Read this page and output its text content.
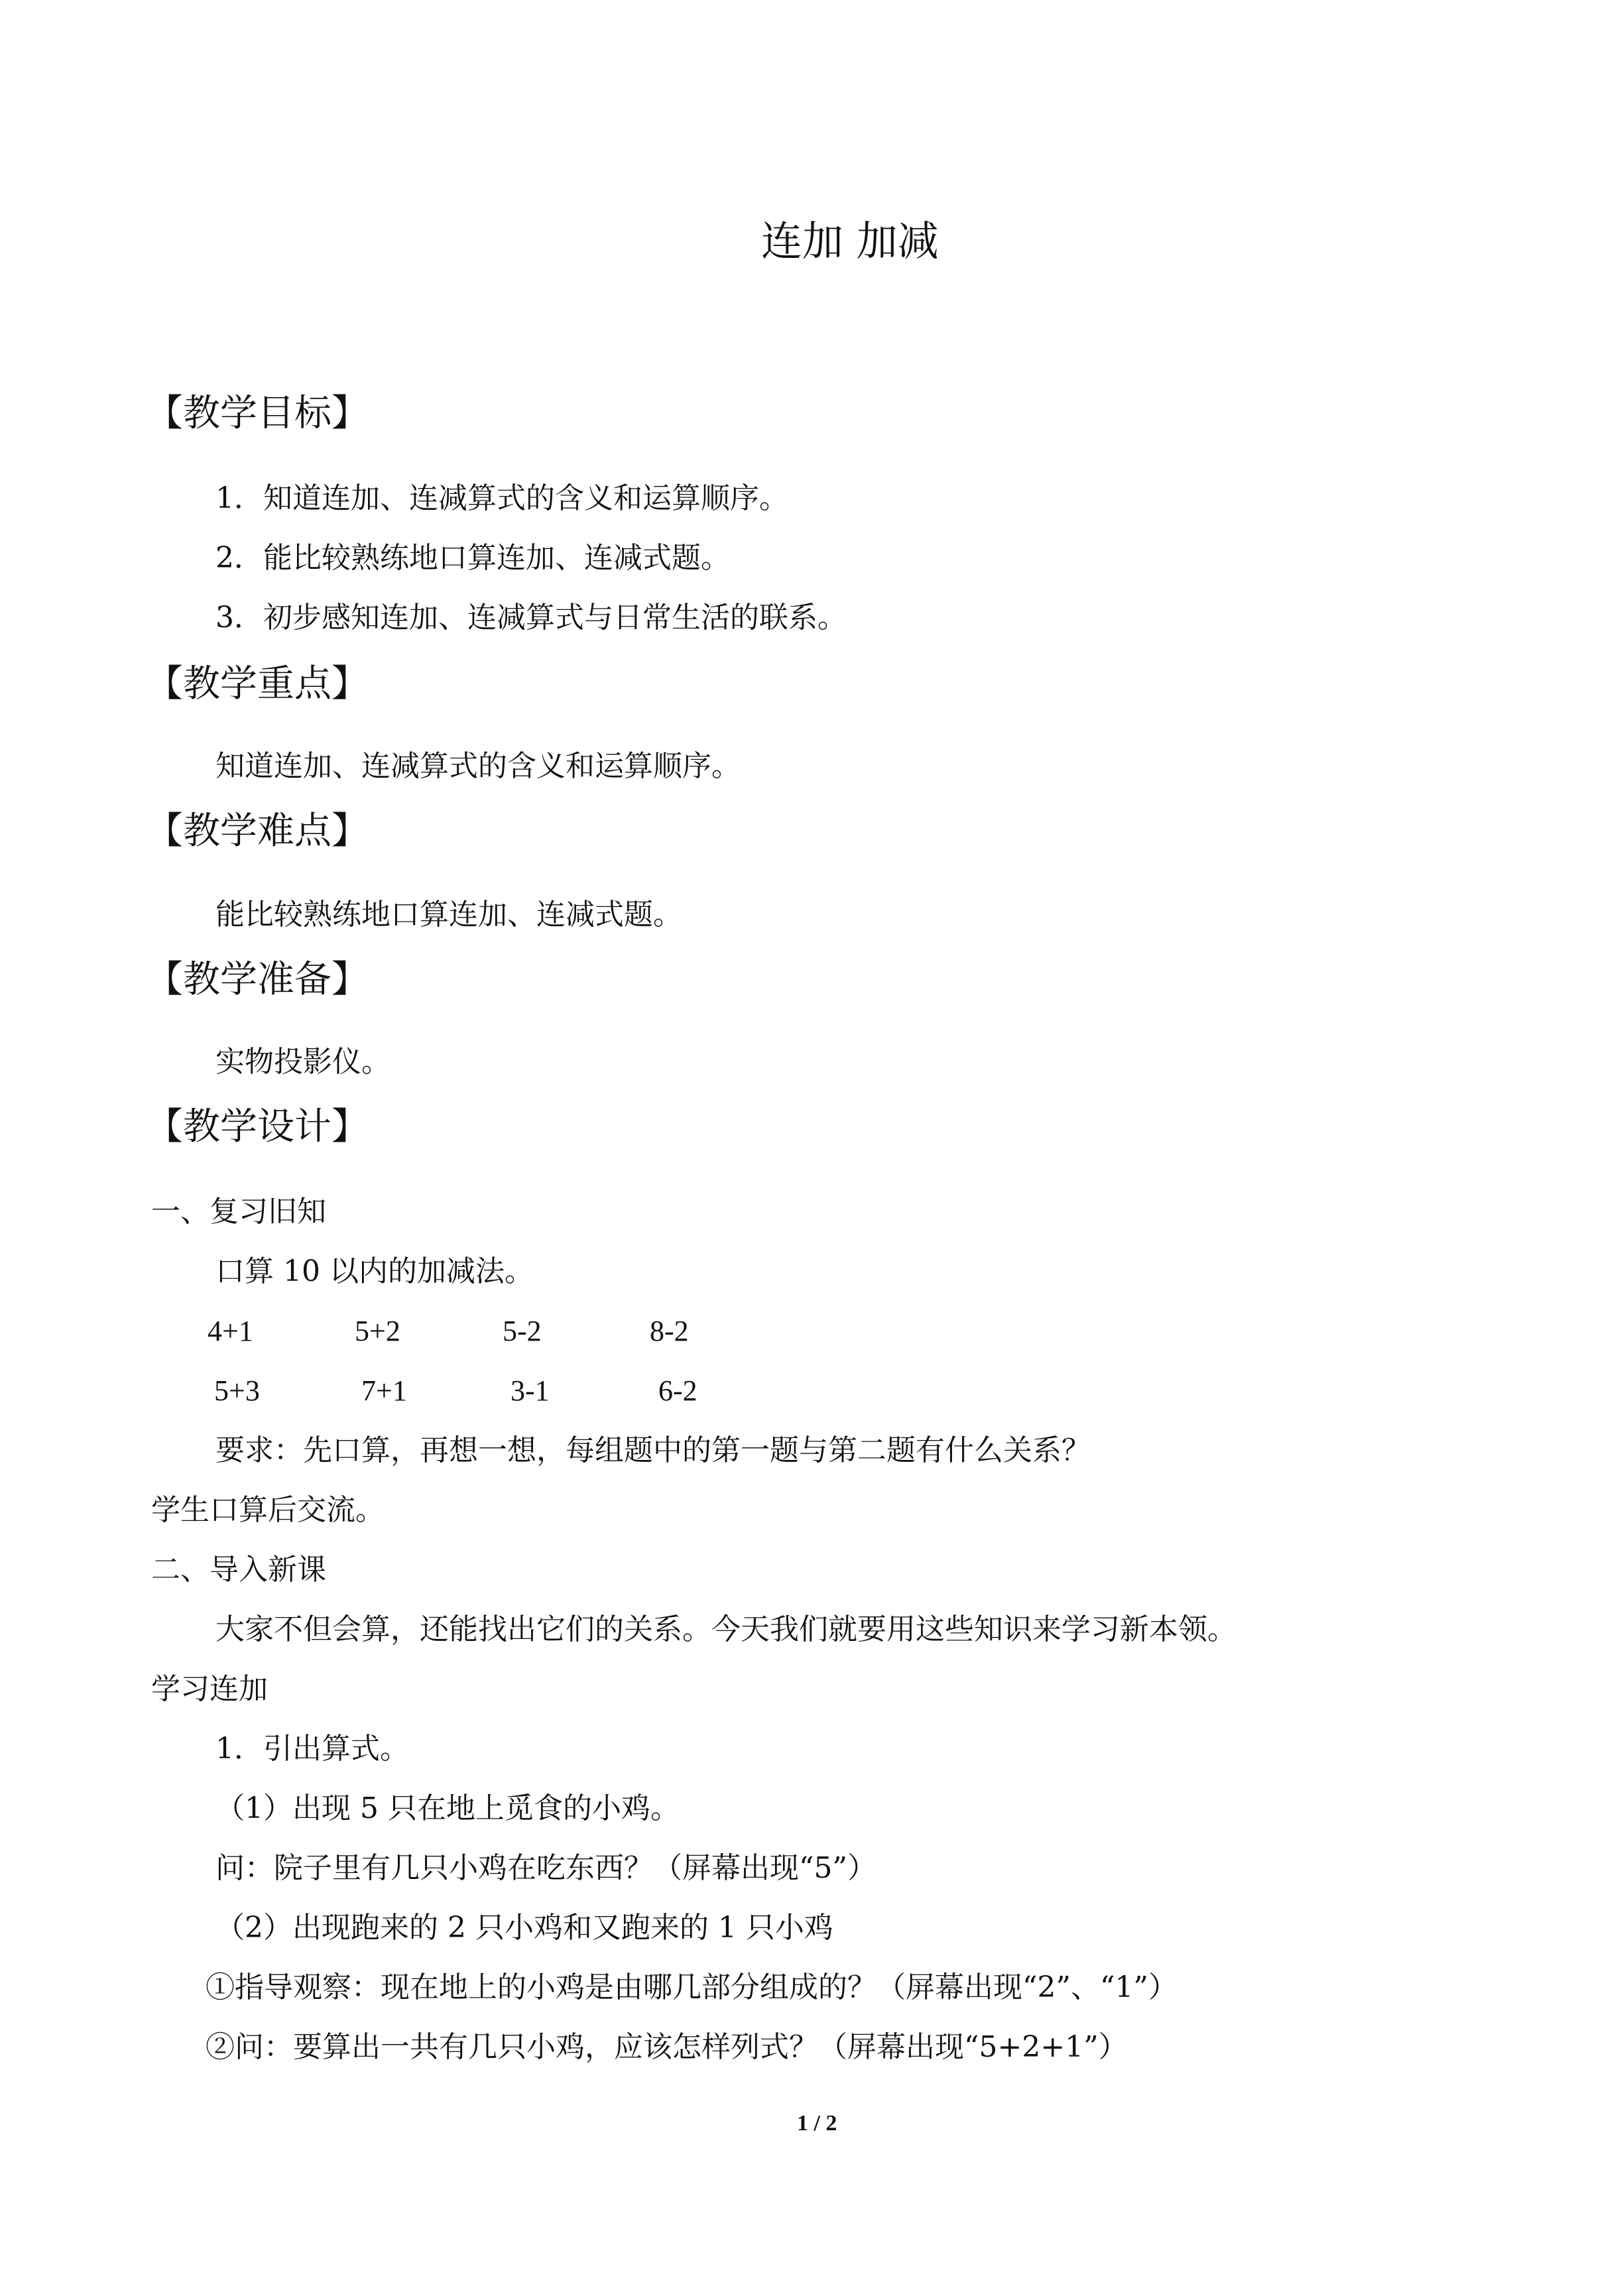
连加 加减
【教学目标】
1．知道连加、连减算式的含义和运算顺序。
2．能比较熟练地口算连加、连减式题。
3．初步感知连加、连减算式与日常生活的联系。
【教学重点】
知道连加、连减算式的含义和运算顺序。
【教学难点】
能比较熟练地口算连加、连减式题。
【教学准备】
实物投影仪。
【教学设计】
一、复习旧知
口算 10 以内的加减法。
4+1	5+2	5-2	8-2
5+3	7+1	3-1	6-2
要求：先口算，再想一想，每组题中的第一题与第二题有什么关系？
学生口算后交流。
二、导入新课
大家不但会算，还能找出它们的关系。今天我们就要用这些知识来学习新本领。
学习连加
1．引出算式。
（1）出现 5 只在地上觅食的小鸡。
问：院子里有几只小鸡在吃东西？（屏幕出现“5”）
（2）出现跑来的 2 只小鸡和又跑来的 1 只小鸡
①指导观察：现在地上的小鸡是由哪几部分组成的？（屏幕出现“2”、“1”）
②问：要算出一共有几只小鸡，应该怎样列式？（屏幕出现“5+2+1”）
1 / 2
